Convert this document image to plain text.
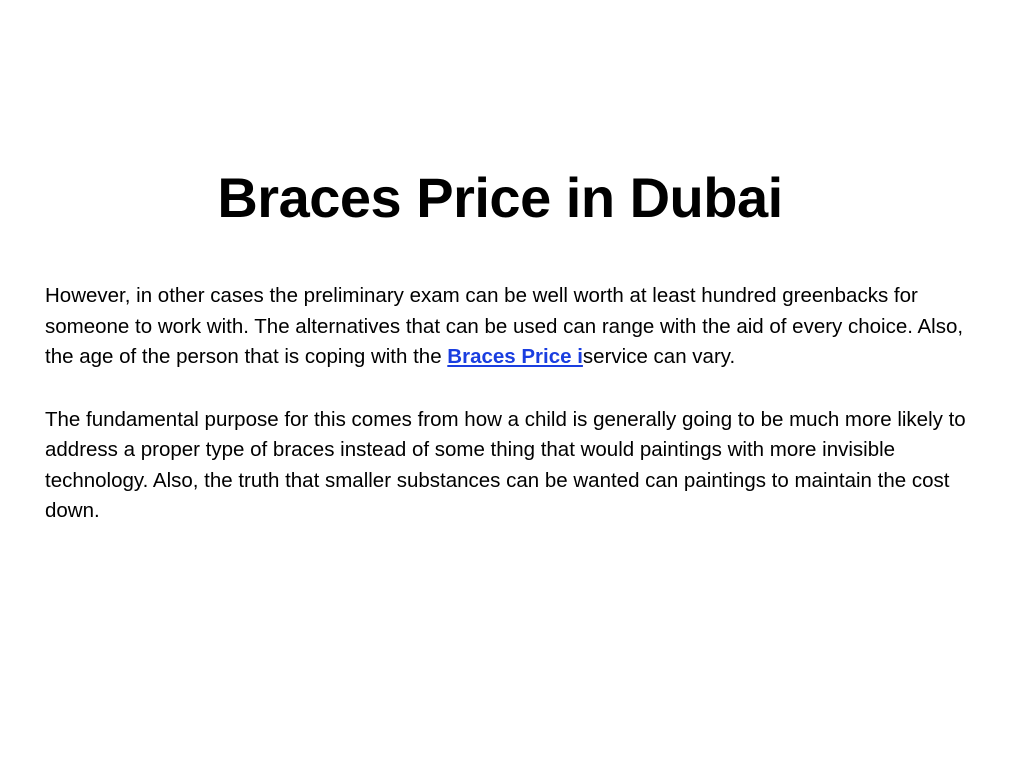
Braces Price in Dubai

However, in other cases the preliminary exam can be well worth at least hundred greenbacks for someone to work with. The alternatives that can be used can range with the aid of every choice. Also, the age of the person that is coping with the Braces Price iservice can vary.

The fundamental purpose for this comes from how a child is generally going to be much more likely to address a proper type of braces instead of some thing that would paintings with more invisible technology. Also, the truth that smaller substances can be wanted can paintings to maintain the cost down.
